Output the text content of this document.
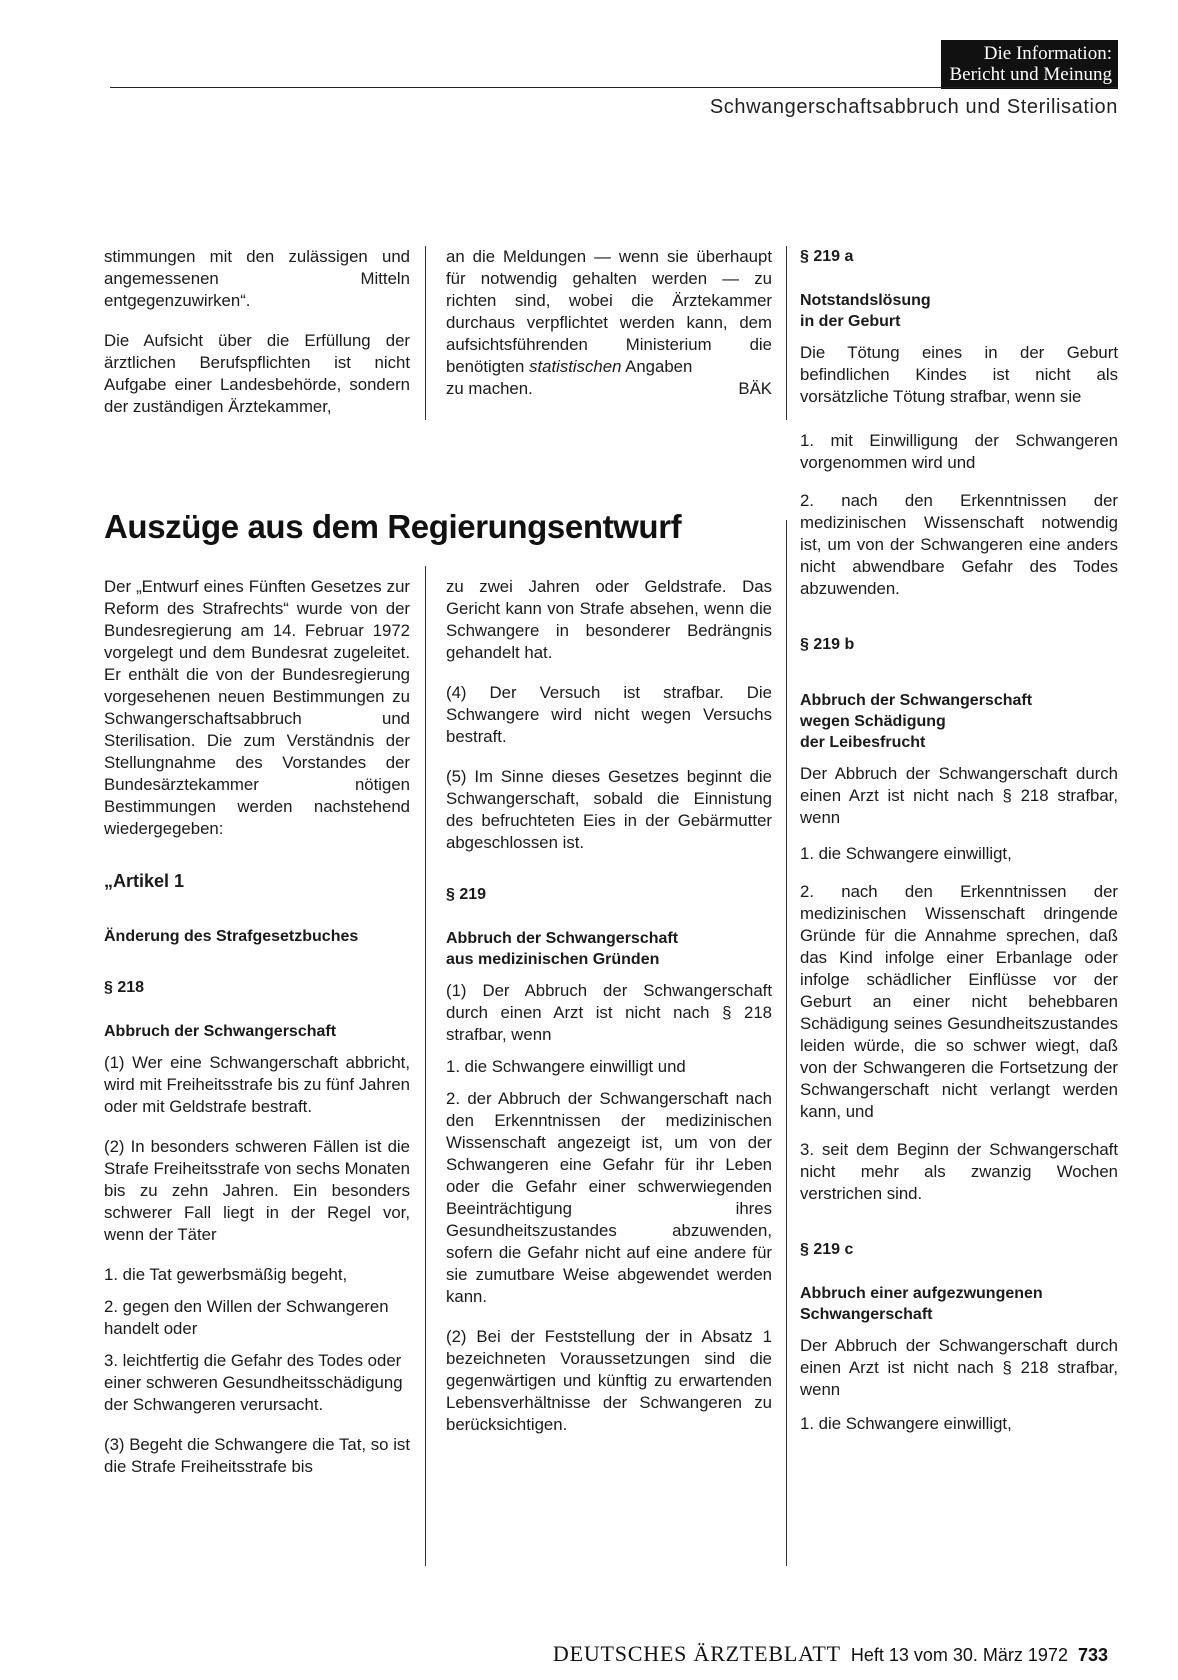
Die Information:
Bericht und Meinung
Schwangerschaftsabbruch und Sterilisation

stimmungen mit den zulässigen und angemessenen Mitteln entgegenzuwirken“.

Die Aufsicht über die Erfüllung der ärztlichen Berufspflichten ist nicht Aufgabe einer Landesbehörde, sondern der zuständigen Ärztekammer,

an die Meldungen — wenn sie überhaupt für notwendig gehalten werden — zu richten sind, wobei die Ärztekammer durchaus verpflichtet werden kann, dem aufsichtsführenden Ministerium die benötigten statistischen Angaben

zu machen.	BÄK
Auszüge aus dem Regierungsentwurf

Der „Entwurf eines Fünften Gesetzes zur Reform des Strafrechts“ wurde von der Bundesregierung am 14. Februar 1972 vorgelegt und dem Bundesrat zugeleitet. Er enthält die von der Bundesregierung vorgesehenen neuen Bestimmungen zu Schwangerschaftsabbruch und Sterilisation. Die zum Verständnis der Stellungnahme des Vorstandes der Bundesärztekammer nötigen Bestimmungen werden nachstehend wiedergegeben:

„Artikel 1
Änderung des Strafgesetzbuches
§ 218
Abbruch der Schwangerschaft

(1) Wer eine Schwangerschaft abbricht, wird mit Freiheitsstrafe bis zu fünf Jahren oder mit Geldstrafe bestraft.

(2) In besonders schweren Fällen ist die Strafe Freiheitsstrafe von sechs Monaten bis zu zehn Jahren. Ein besonders schwerer Fall liegt in der Regel vor, wenn der Täter

1. die Tat gewerbsmäßig begeht,

2. gegen den Willen der Schwangeren handelt oder

3. leichtfertig die Gefahr des Todes oder einer schweren Gesundheitsschädigung der Schwangeren verursacht.

(3) Begeht die Schwangere die Tat, so ist die Strafe Freiheitsstrafe bis

zu zwei Jahren oder Geldstrafe. Das Gericht kann von Strafe absehen, wenn die Schwangere in besonderer Bedrängnis gehandelt hat.

(4) Der Versuch ist strafbar. Die Schwangere wird nicht wegen Versuchs bestraft.

(5) Im Sinne dieses Gesetzes beginnt die Schwangerschaft, sobald die Einnistung des befruchteten Eies in der Gebärmutter abgeschlossen ist.

§ 219
Abbruch der Schwangerschaft
aus medizinischen Gründen

(1) Der Abbruch der Schwangerschaft durch einen Arzt ist nicht nach § 218 strafbar, wenn

1. die Schwangere einwilligt und

2. der Abbruch der Schwangerschaft nach den Erkenntnissen der medizinischen Wissenschaft angezeigt ist, um von der Schwangeren eine Gefahr für ihr Leben oder die Gefahr einer schwerwiegenden Beeinträchtigung ihres Gesundheitszustandes abzuwenden, sofern die Gefahr nicht auf eine andere für sie zumutbare Weise abgewendet werden kann.

(2) Bei der Feststellung der in Absatz 1 bezeichneten Voraussetzungen sind die gegenwärtigen und künftig zu erwartenden Lebensverhältnisse der Schwangeren zu berücksichtigen.

§ 219 a
Notstandslösung
in der Geburt

Die Tötung eines in der Geburt befindlichen Kindes ist nicht als vorsätzliche Tötung strafbar, wenn sie

1. mit Einwilligung der Schwangeren vorgenommen wird und

2. nach den Erkenntnissen der medizinischen Wissenschaft notwendig ist, um von der Schwangeren eine anders nicht abwendbare Gefahr des Todes abzuwenden.

§ 219 b
Abbruch der Schwangerschaft
wegen Schädigung
der Leibesfrucht

Der Abbruch der Schwangerschaft durch einen Arzt ist nicht nach § 218 strafbar, wenn

1. die Schwangere einwilligt,

2. nach den Erkenntnissen der medizinischen Wissenschaft dringende Gründe für die Annahme sprechen, daß das Kind infolge einer Erbanlage oder infolge schädlicher Einflüsse vor der Geburt an einer nicht behebbaren Schädigung seines Gesundheitszustandes leiden würde, die so schwer wiegt, daß von der Schwangeren die Fortsetzung der Schwangerschaft nicht verlangt werden kann, und

3. seit dem Beginn der Schwangerschaft nicht mehr als zwanzig Wochen verstrichen sind.

§ 219 c
Abbruch einer aufgezwungenen
Schwangerschaft

Der Abbruch der Schwangerschaft durch einen Arzt ist nicht nach § 218 strafbar, wenn

1. die Schwangere einwilligt,

DEUTSCHES ÄRZTEBLATT Heft 13 vom 30. März 1972 733
